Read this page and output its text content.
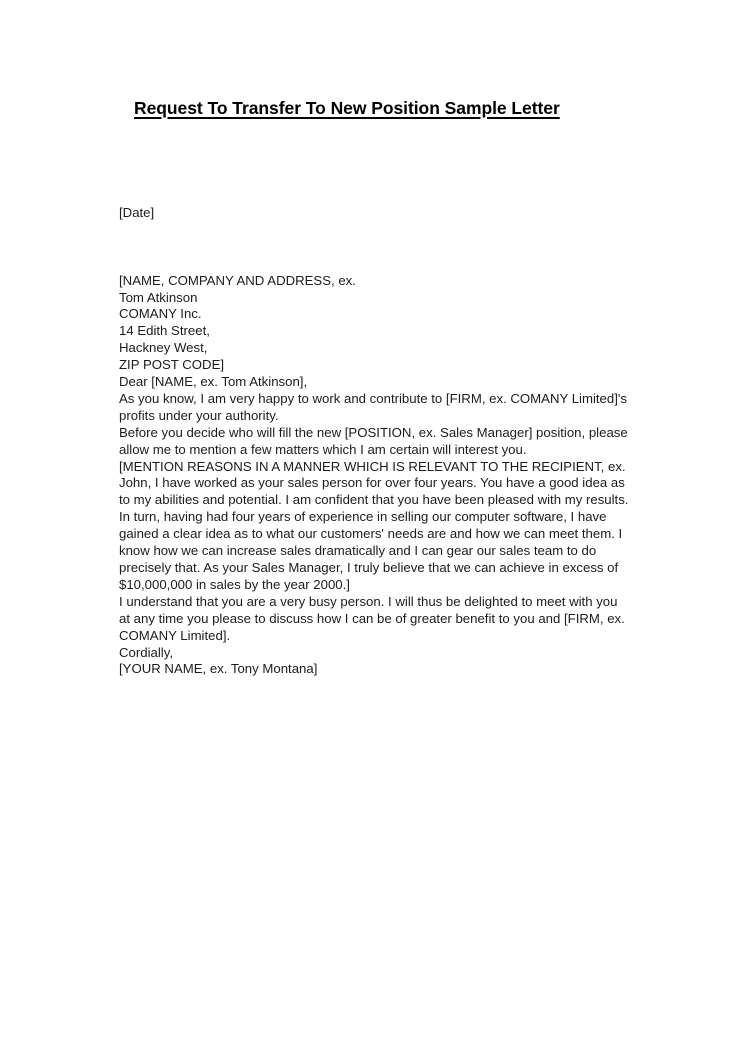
Request To Transfer To New Position Sample Letter
[Date]
[NAME, COMPANY AND ADDRESS, ex.
Tom Atkinson
COMANY Inc.
14 Edith Street,
Hackney West,
ZIP POST CODE]

Dear [NAME, ex. Tom Atkinson],

As you know, I am very happy to work and contribute to [FIRM, ex. COMANY Limited]'s profits under your authority.

Before you decide who will fill the new [POSITION, ex. Sales Manager] position, please allow me to mention a few matters which I am certain will interest you.

[MENTION REASONS IN A MANNER WHICH IS RELEVANT TO THE RECIPIENT, ex. John, I have worked as your sales person for over four years. You have a good idea as to my abilities and potential. I am confident that you have been pleased with my results. In turn, having had four years of experience in selling our computer software, I have gained a clear idea as to what our customers' needs are and how we can meet them. I know how we can increase sales dramatically and I can gear our sales team to do precisely that. As your Sales Manager, I truly believe that we can achieve in excess of $10,000,000 in sales by the year 2000.]

I understand that you are a very busy person. I will thus be delighted to meet with you at any time you please to discuss how I can be of greater benefit to you and [FIRM, ex. COMANY Limited].

Cordially,

[YOUR NAME, ex. Tony Montana]
